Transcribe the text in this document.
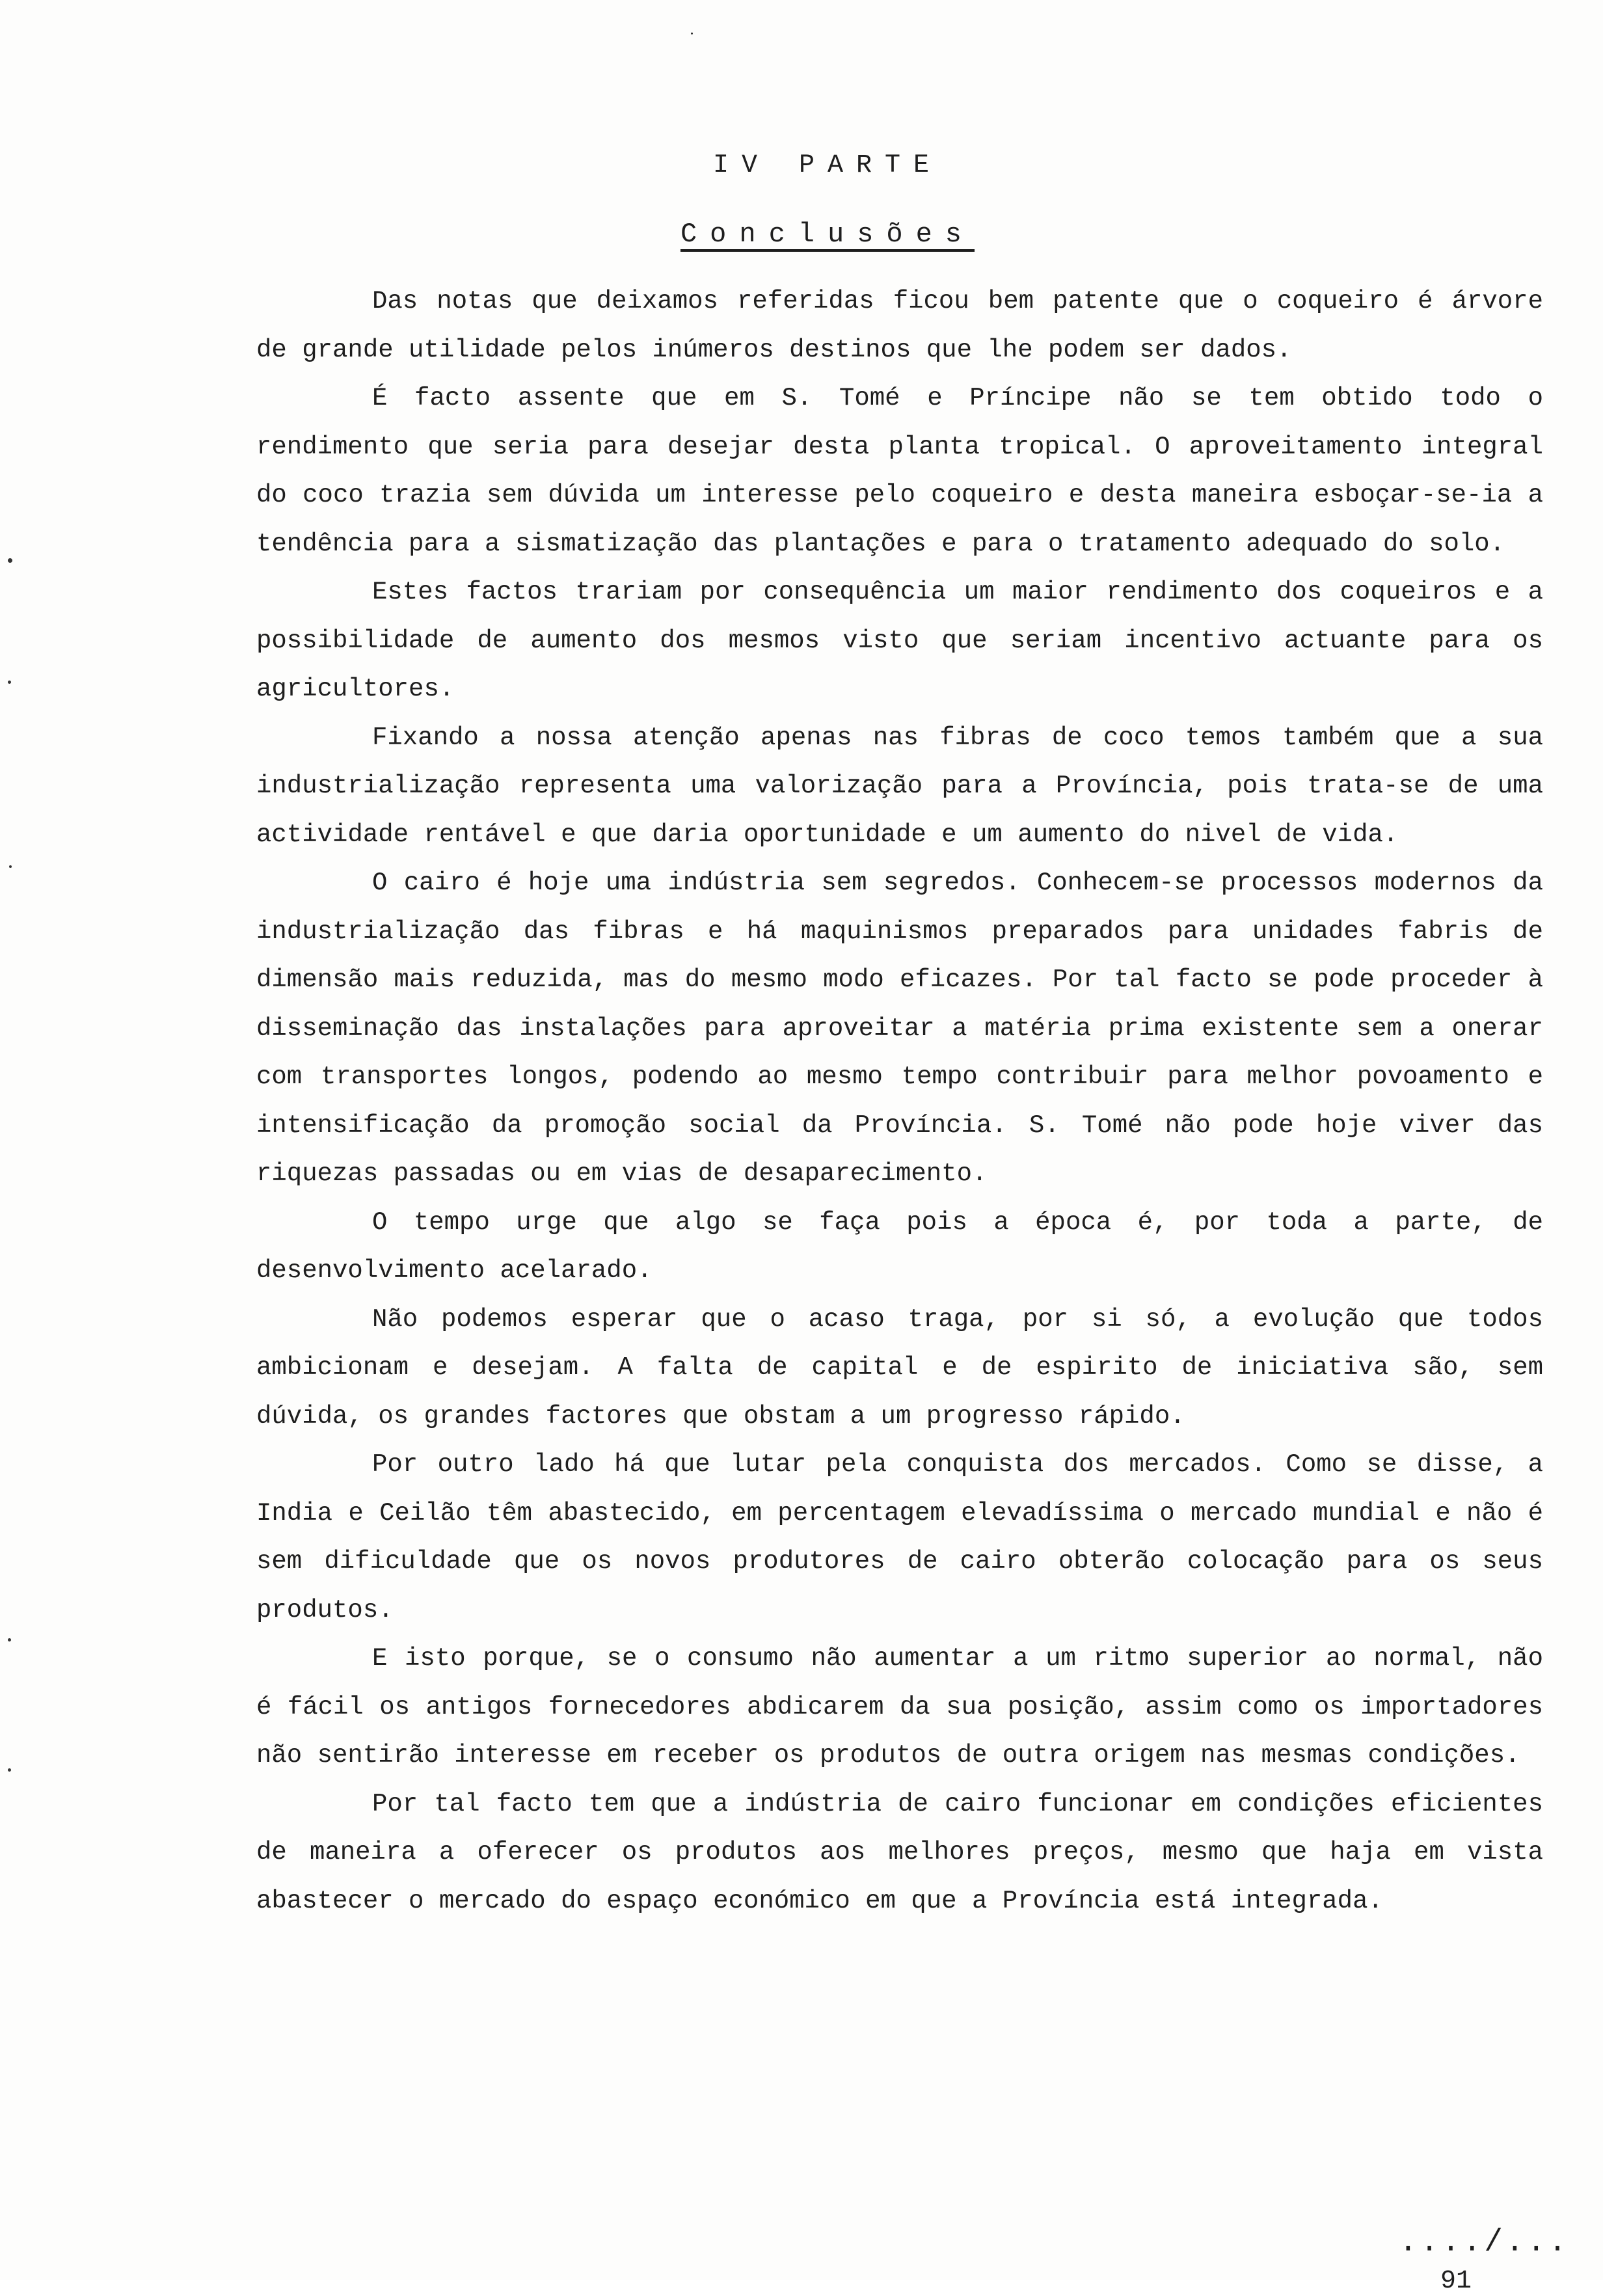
IV PARTE
Conclusões

Das notas que deixamos referidas ficou bem patente que o coqueiro é árvore de grande utilidade pelos inúmeros destinos que lhe podem ser dados.

É facto assente que em S. Tomé e Príncipe não se tem obtido todo o rendimento que seria para desejar desta planta tropical. O aproveitamento integral do coco trazia sem dúvida um interesse pelo coqueiro e desta maneira esboçar-se-ia a tendência para a sismatização das plantações e para o tratamento adequado do solo.

Estes factos trariam por consequência um maior rendimento dos coqueiros e a possibilidade de aumento dos mesmos visto que seriam incentivo actuante para os agricultores.

Fixando a nossa atenção apenas nas fibras de coco temos também que a sua industrialização representa uma valorização para a Província, pois trata-se de uma actividade rentável e que daria oportunidade e um aumento do nivel de vida.

O cairo é hoje uma indústria sem segredos. Conhecem-se processos modernos da industrialização das fibras e há maquinismos preparados para unidades fabris de dimensão mais reduzida, mas do mesmo modo eficazes. Por tal facto se pode proceder à disseminação das instalações para aproveitar a matéria prima existente sem a onerar com transportes longos, podendo ao mesmo tempo contribuir para melhor povoamento e intensificação da promoção social da Província. S. Tomé não pode hoje viver das riquezas passadas ou em vias de desaparecimento.

O tempo urge que algo se faça pois a época é, por toda a parte, de desenvolvimento acelarado.

Não podemos esperar que o acaso traga, por si só, a evolução que todos ambicionam e desejam. A falta de capital e de espirito de iniciativa são, sem dúvida, os grandes factores que obstam a um progresso rápido.

Por outro lado há que lutar pela conquista dos mercados. Como se disse, a India e Ceilão têm abastecido, em percentagem elevadíssima o mercado mundial e não é sem dificuldade que os novos produtores de cairo obterão colocação para os seus produtos.

E isto porque, se o consumo não aumentar a um ritmo superior ao normal, não é fácil os antigos fornecedores abdicarem da sua posição, assim como os importadores não sentirão interesse em receber os produtos de outra origem nas mesmas condições.

Por tal facto tem que a indústria de cairo funcionar em condições eficientes de maneira a oferecer os produtos aos melhores preços, mesmo que haja em vista abastecer o mercado do espaço económico em que a Província está integrada.

..../...
91
